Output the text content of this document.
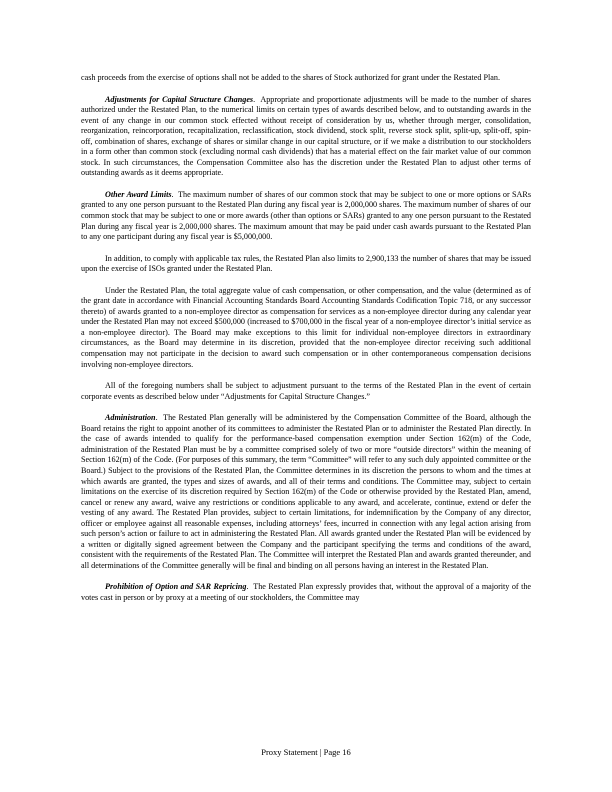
cash proceeds from the exercise of options shall not be added to the shares of Stock authorized for grant under the Restated Plan.

Adjustments for Capital Structure Changes.  Appropriate and proportionate adjustments will be made to the number of shares authorized under the Restated Plan, to the numerical limits on certain types of awards described below, and to outstanding awards in the event of any change in our common stock effected without receipt of consideration by us, whether through merger, consolidation, reorganization, reincorporation, recapitalization, reclassification, stock dividend, stock split, reverse stock split, split-up, split-off, spin-off, combination of shares, exchange of shares or similar change in our capital structure, or if we make a distribution to our stockholders in a form other than common stock (excluding normal cash dividends) that has a material effect on the fair market value of our common stock. In such circumstances, the Compensation Committee also has the discretion under the Restated Plan to adjust other terms of outstanding awards as it deems appropriate.

Other Award Limits.  The maximum number of shares of our common stock that may be subject to one or more options or SARs granted to any one person pursuant to the Restated Plan during any fiscal year is 2,000,000 shares. The maximum number of shares of our common stock that may be subject to one or more awards (other than options or SARs) granted to any one person pursuant to the Restated Plan during any fiscal year is 2,000,000 shares. The maximum amount that may be paid under cash awards pursuant to the Restated Plan to any one participant during any fiscal year is $5,000,000.

In addition, to comply with applicable tax rules, the Restated Plan also limits to 2,900,133 the number of shares that may be issued upon the exercise of ISOs granted under the Restated Plan.

Under the Restated Plan, the total aggregate value of cash compensation, or other compensation, and the value (determined as of the grant date in accordance with Financial Accounting Standards Board Accounting Standards Codification Topic 718, or any successor thereto) of awards granted to a non-employee director as compensation for services as a non-employee director during any calendar year under the Restated Plan may not exceed $500,000 (increased to $700,000 in the fiscal year of a non-employee director’s initial service as a non-employee director). The Board may make exceptions to this limit for individual non-employee directors in extraordinary circumstances, as the Board may determine in its discretion, provided that the non-employee director receiving such additional compensation may not participate in the decision to award such compensation or in other contemporaneous compensation decisions involving non-employee directors.

All of the foregoing numbers shall be subject to adjustment pursuant to the terms of the Restated Plan in the event of certain corporate events as described below under “Adjustments for Capital Structure Changes.”

Administration.  The Restated Plan generally will be administered by the Compensation Committee of the Board, although the Board retains the right to appoint another of its committees to administer the Restated Plan or to administer the Restated Plan directly. In the case of awards intended to qualify for the performance-based compensation exemption under Section 162(m) of the Code, administration of the Restated Plan must be by a committee comprised solely of two or more “outside directors” within the meaning of Section 162(m) of the Code. (For purposes of this summary, the term “Committee” will refer to any such duly appointed committee or the Board.) Subject to the provisions of the Restated Plan, the Committee determines in its discretion the persons to whom and the times at which awards are granted, the types and sizes of awards, and all of their terms and conditions. The Committee may, subject to certain limitations on the exercise of its discretion required by Section 162(m) of the Code or otherwise provided by the Restated Plan, amend, cancel or renew any award, waive any restrictions or conditions applicable to any award, and accelerate, continue, extend or defer the vesting of any award. The Restated Plan provides, subject to certain limitations, for indemnification by the Company of any director, officer or employee against all reasonable expenses, including attorneys’ fees, incurred in connection with any legal action arising from such person’s action or failure to act in administering the Restated Plan. All awards granted under the Restated Plan will be evidenced by a written or digitally signed agreement between the Company and the participant specifying the terms and conditions of the award, consistent with the requirements of the Restated Plan. The Committee will interpret the Restated Plan and awards granted thereunder, and all determinations of the Committee generally will be final and binding on all persons having an interest in the Restated Plan.

Prohibition of Option and SAR Repricing.  The Restated Plan expressly provides that, without the approval of a majority of the votes cast in person or by proxy at a meeting of our stockholders, the Committee may

Proxy Statement | Page 16
